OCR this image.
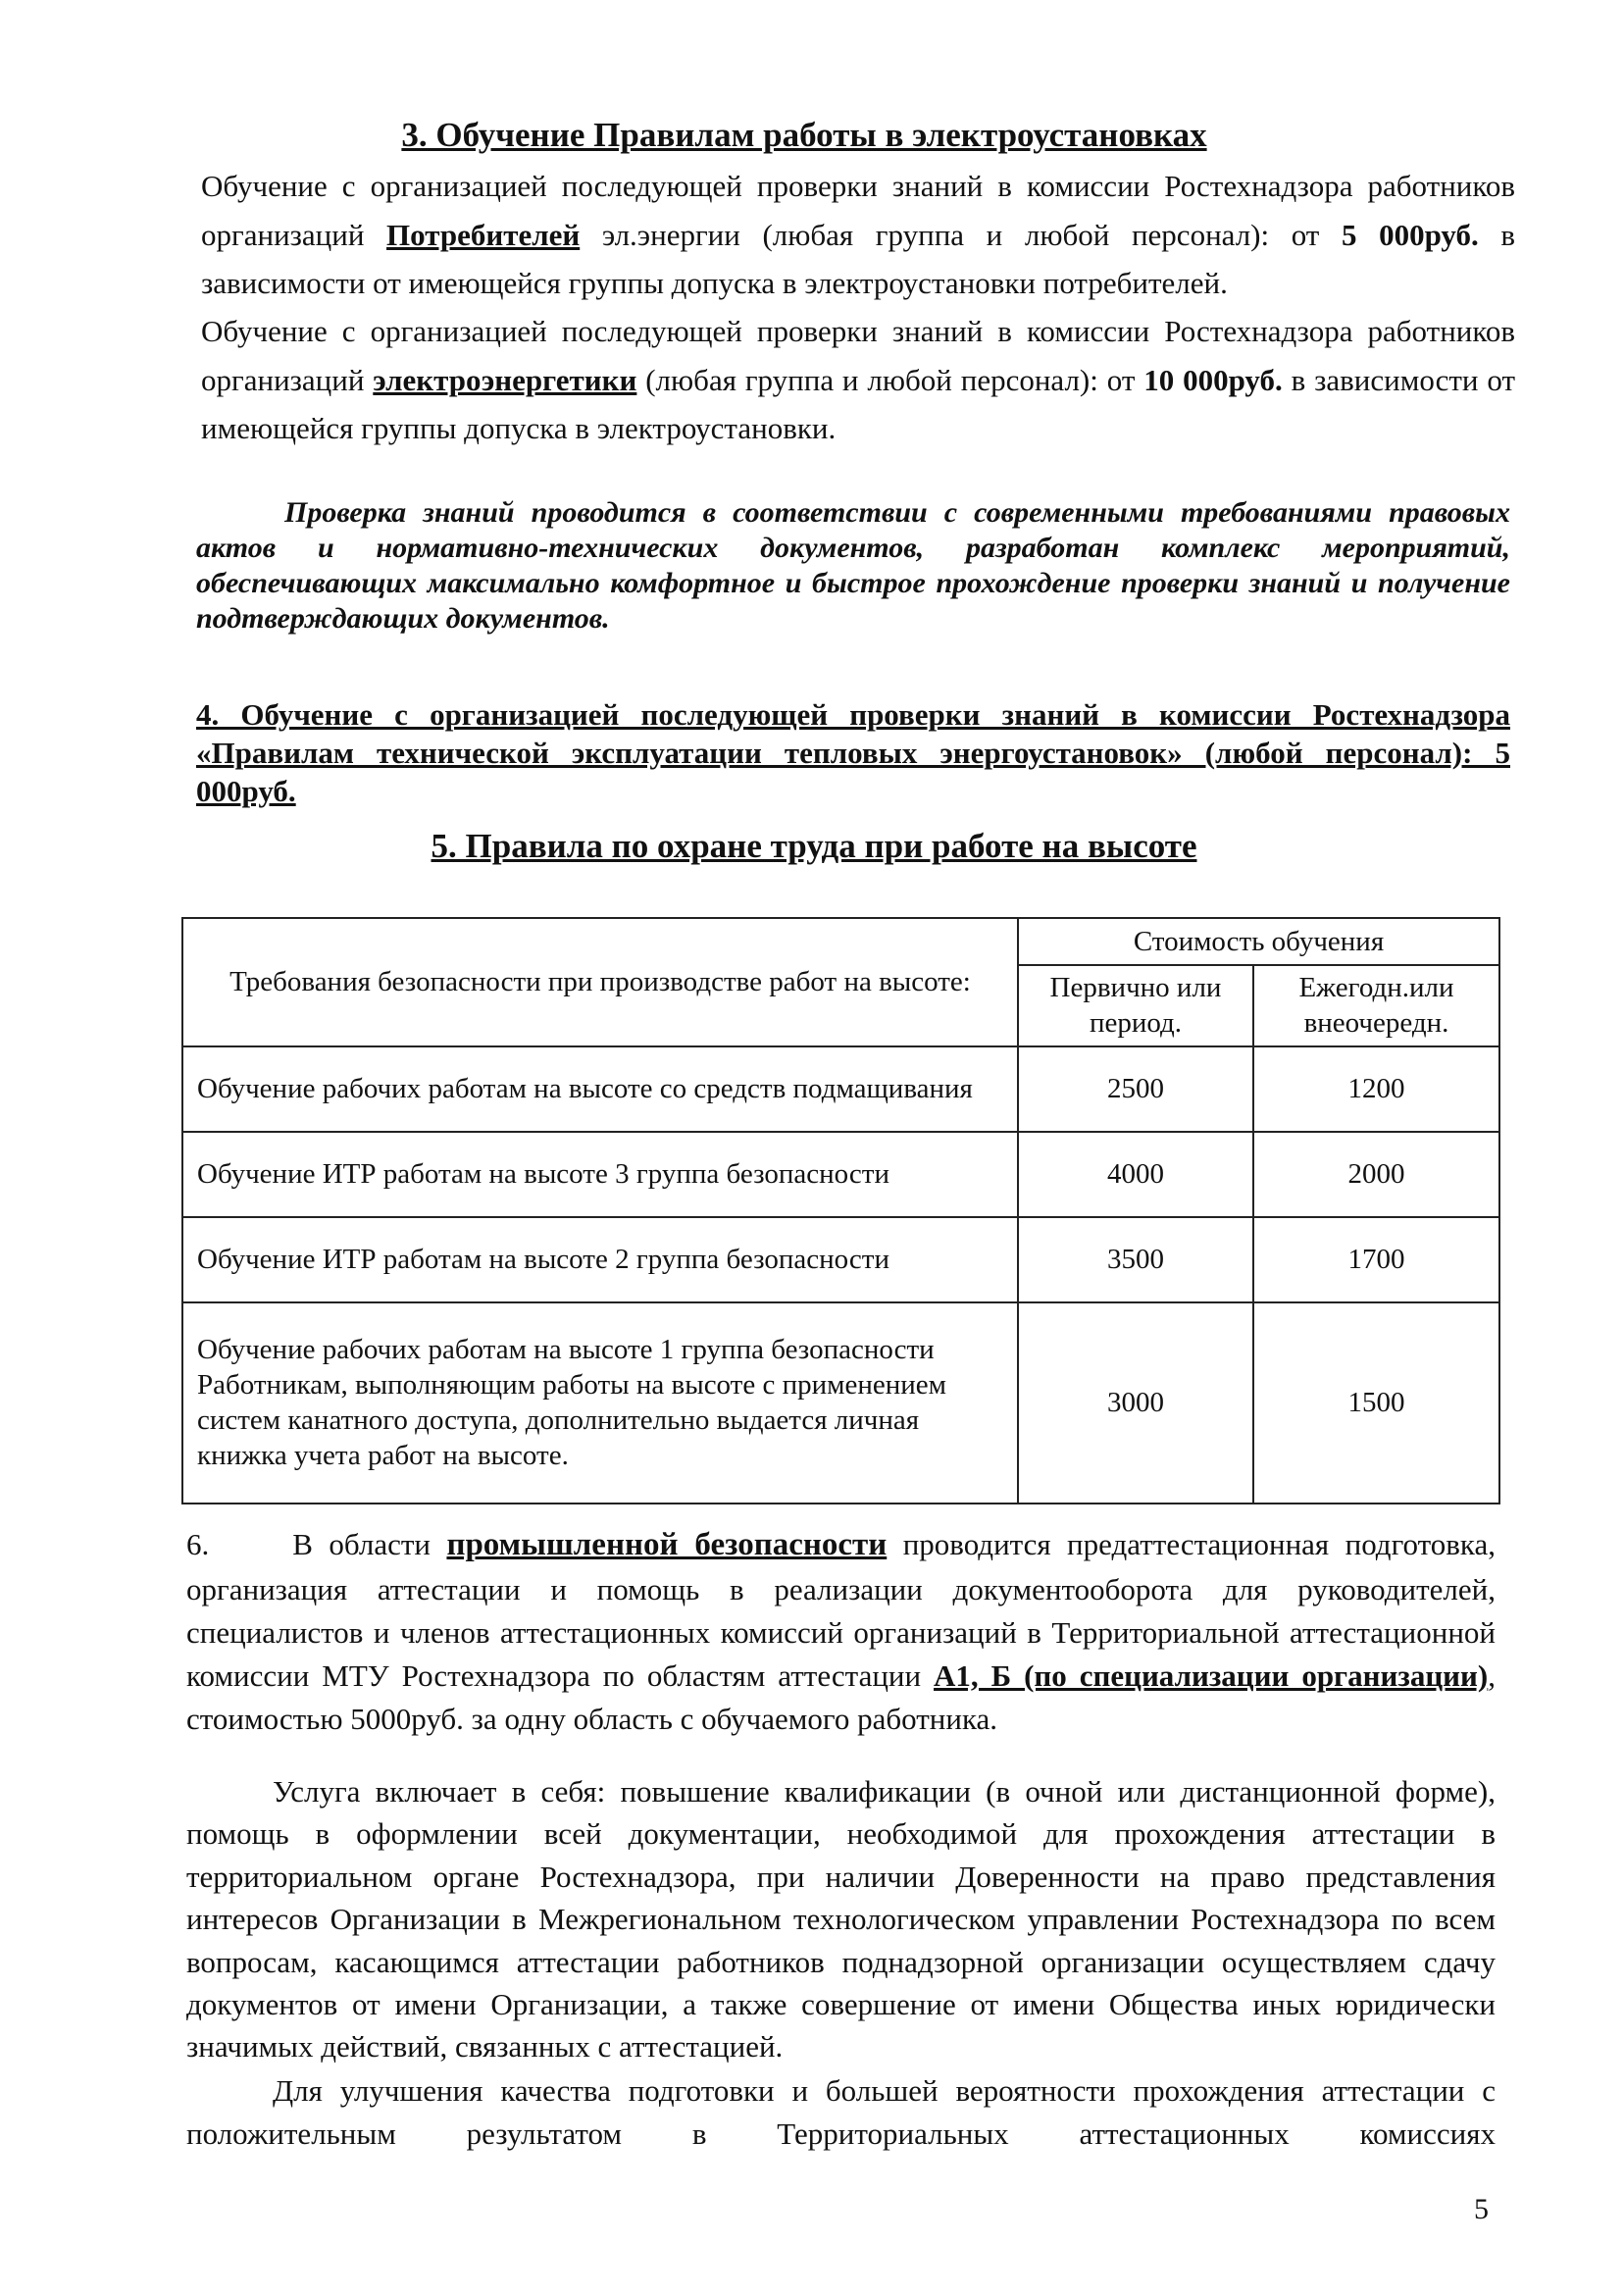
3. Обучение Правилам работы в электроустановках
Обучение с организацией последующей проверки знаний в комиссии Ростехнадзора работников организаций Потребителей эл.энергии (любая группа и любой персонал): от 5 000руб. в зависимости от имеющейся группы допуска в электроустановки потребителей.
Обучение с организацией последующей проверки знаний в комиссии Ростехнадзора работников организаций электроэнергетики (любая группа и любой персонал): от 10 000руб. в зависимости от имеющейся группы допуска в электроустановки.
Проверка знаний проводится в соответствии с современными требованиями правовых актов и нормативно-технических документов, разработан комплекс мероприятий, обеспечивающих максимально комфортное и быстрое прохождение проверки знаний и получение подтверждающих документов.
4. Обучение с организацией последующей проверки знаний в комиссии Ростехнадзора «Правилам технической эксплуатации тепловых энергоустановок» (любой персонал): 5 000руб.
5. Правила по охране труда при работе на высоте
Требования безопасности при производстве работ на высоте:	Стоимость обучения	
	Первично или период.	Ежегодн.или внеочередн.
Обучение рабочих работам на высоте со средств подмащивания	2500	1200
Обучение ИТР работам на высоте 3 группа безопасности	4000	2000
Обучение ИТР работам на высоте 2 группа безопасности	3500	1700

Обучение рабочих работам на высоте 1 группа безопасности
Работникам, выполняющим работы на высоте с применением систем канатного доступа, дополнительно выдается личная книжка учета работ на высоте.	3000	1500
6.	В области промышленной безопасности проводится предаттестационная подготовка, организация аттестации и помощь в реализации документооборота для руководителей, специалистов и членов аттестационных комиссий организаций в Территориальной аттестационной комиссии МТУ Ростехнадзора по областям аттестации А1, Б (по специализации организации), стоимостью 5000руб. за одну область с обучаемого работника.
Услуга включает в себя: повышение квалификации (в очной или дистанционной форме), помощь в оформлении всей документации, необходимой для прохождения аттестации в территориальном органе Ростехнадзора, при наличии Доверенности на право представления интересов Организации в Межрегиональном технологическом управлении Ростехнадзора по всем вопросам, касающимся аттестации работников поднадзорной организации осуществляем сдачу документов от имени Организации, а также совершение от имени Общества иных юридически значимых действий, связанных с аттестацией.
Для улучшения качества подготовки и большей вероятности прохождения аттестации с положительным результатом в Территориальных аттестационных комиссиях
5
